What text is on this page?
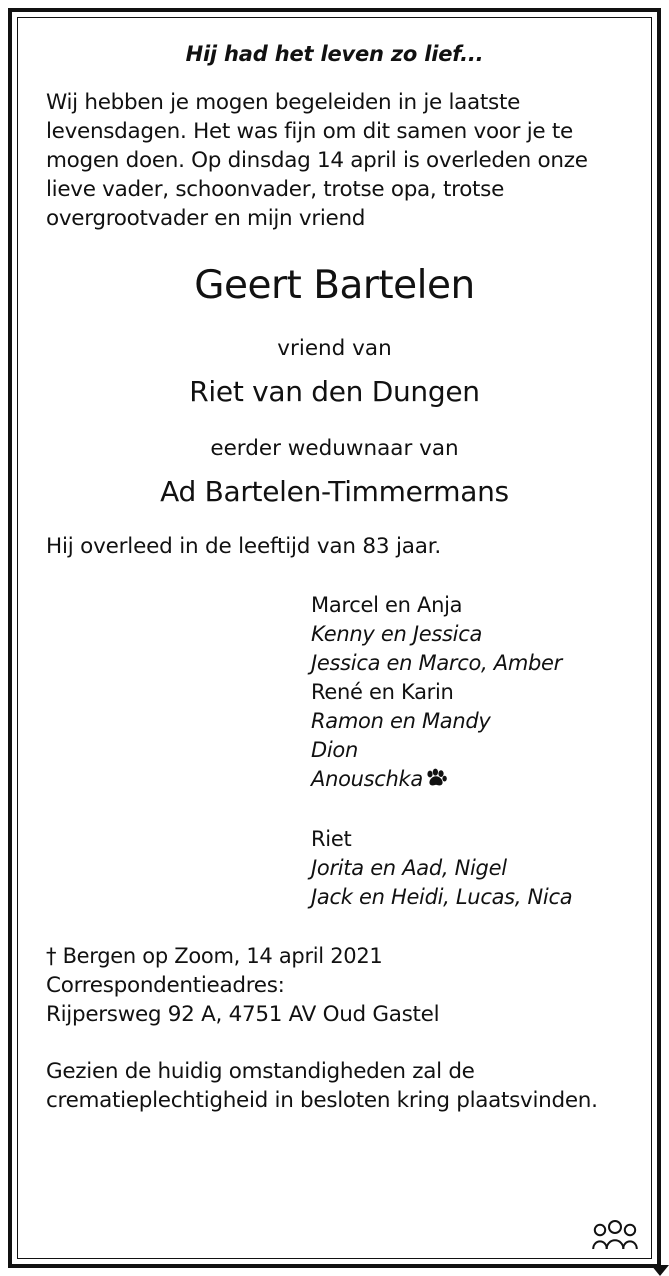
Hij had het leven zo lief...
Wij hebben je mogen begeleiden in je laatste levensdagen. Het was fijn om dit samen voor je te mogen doen. Op dinsdag 14 april is overleden onze lieve vader, schoonvader, trotse opa, trotse overgrootvader en mijn vriend
Geert Bartelen
vriend van
Riet van den Dungen
eerder weduwnaar van
Ad Bartelen-Timmermans
Hij overleed in de leeftijd van 83 jaar.
Marcel en Anja
Kenny en Jessica
Jessica en Marco, Amber
René en Karin
Ramon en Mandy
Dion
Anouschka
Riet
Jorita en Aad, Nigel
Jack en Heidi, Lucas, Nica
† Bergen op Zoom, 14 april 2021
Correspondentieadres:
Rijpersweg 92 A, 4751 AV Oud Gastel
Gezien de huidig omstandigheden zal de crematieplechtigheid in besloten kring plaatsvinden.
